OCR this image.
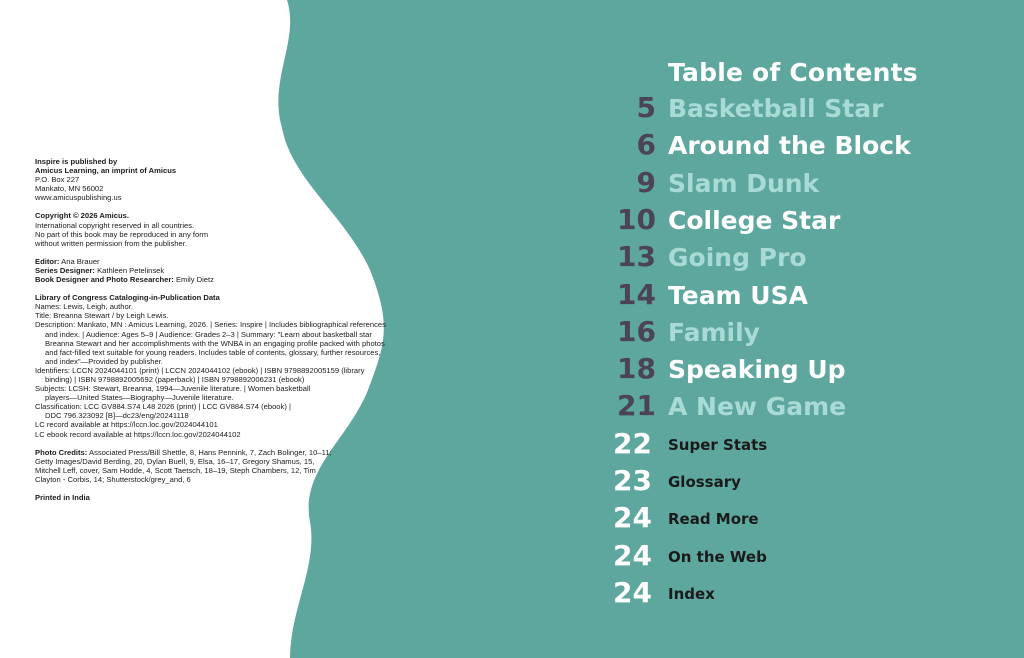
Inspire is published by
Amicus Learning, an imprint of Amicus
P.O. Box 227
Mankato, MN 56002
www.amicuspublishing.us
Copyright © 2026 Amicus.
International copyright reserved in all countries.
No part of this book may be reproduced in any form
without written permission from the publisher.
Editor: Ana Brauer
Series Designer: Kathleen Petelinsek
Book Designer and Photo Researcher: Emily Dietz
Library of Congress Cataloging-in-Publication Data
Names: Lewis, Leigh, author.
Title: Breanna Stewart / by Leigh Lewis.
Description: Mankato, MN : Amicus Learning, 2026. | Series: Inspire | Includes bibliographical references
and index. | Audience: Ages 5–9 | Audience: Grades 2–3 | Summary: "Learn about basketball star
Breanna Stewart and her accomplishments with the WNBA in an engaging profile packed with photos
and fact-filled text suitable for young readers. Includes table of contents, glossary, further resources,
and index"—Provided by publisher.
Identifiers: LCCN 2024044101 (print) | LCCN 2024044102 (ebook) | ISBN 9798892005159 (library
binding) | ISBN 9798892005692 (paperback) | ISBN 9798892006231 (ebook)
Subjects: LCSH: Stewart, Breanna, 1994—Juvenile literature. | Women basketball
players—United States—Biography—Juvenile literature.
Classification: LCC GV884.S74 L48 2026 (print) | LCC GV884.S74 (ebook) |
DDC 796.323092 [B]—dc23/eng/20241118
LC record available at https://lccn.loc.gov/2024044101
LC ebook record available at https://lccn.loc.gov/2024044102
Photo Credits: Associated Press/Bill Shettle, 8, Hans Pennink, 7, Zach Bolinger, 10–11;
Getty Images/David Berding, 20, Dylan Buell, 9, Elsa, 16–17, Gregory Shamus, 15,
Mitchell Leff, cover, Sam Hodde, 4, Scott Taetsch, 18–19, Steph Chambers, 12, Tim
Clayton - Corbis, 14; Shutterstock/grey_and, 6
Printed in India
Table of Contents
5 Basketball Star
6 Around the Block
9 Slam Dunk
10 College Star
13 Going Pro
14 Team USA
16 Family
18 Speaking Up
21 A New Game
22 Super Stats
23 Glossary
24 Read More
24 On the Web
24 Index
